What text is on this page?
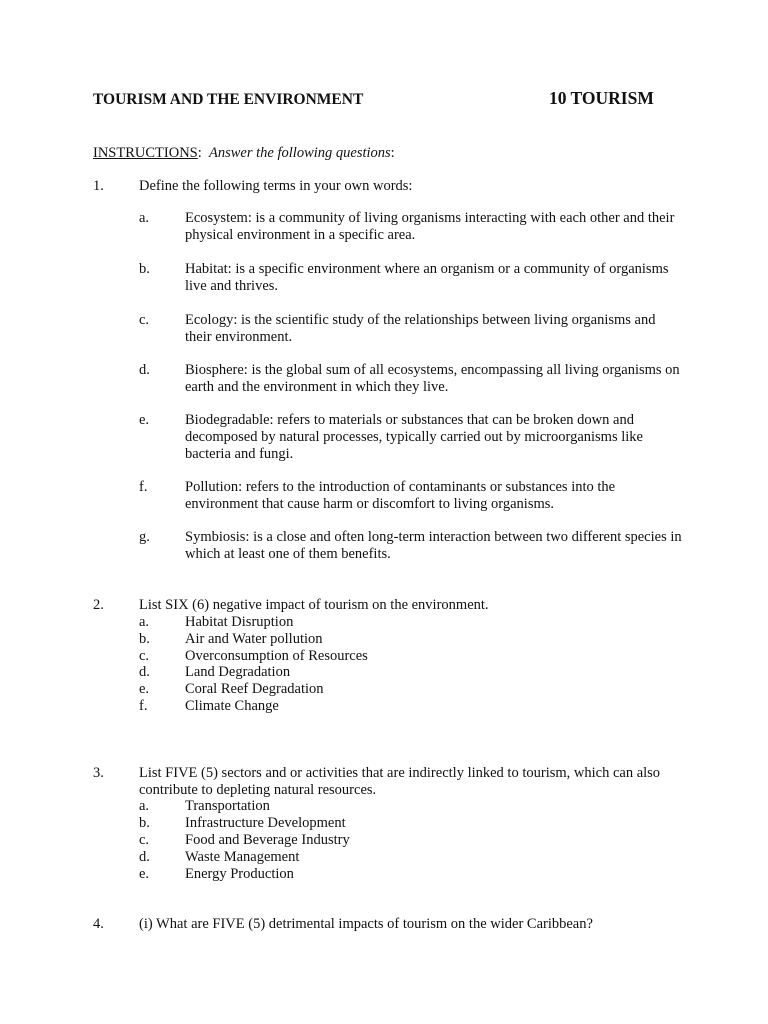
TOURISM AND THE ENVIRONMENT	10 TOURISM
INSTRUCTIONS: Answer the following questions:
1. Define the following terms in your own words:
a. Ecosystem: is a community of living organisms interacting with each other and their physical environment in a specific area.
b. Habitat: is a specific environment where an organism or a community of organisms live and thrives.
c. Ecology: is the scientific study of the relationships between living organisms and their environment.
d. Biosphere: is the global sum of all ecosystems, encompassing all living organisms on earth and the environment in which they live.
e. Biodegradable: refers to materials or substances that can be broken down and decomposed by natural processes, typically carried out by microorganisms like bacteria and fungi.
f.	Pollution: refers to the introduction of contaminants or substances into the environment that cause harm or discomfort to living organisms.
g. Symbiosis: is a close and often long-term interaction between two different species in which at least one of them benefits.
2. List SIX (6) negative impact of tourism on the environment.
a. Habitat Disruption
b. Air and Water pollution
c. Overconsumption of Resources
d. Land Degradation
e. Coral Reef Degradation
f.	Climate Change
3. List FIVE (5) sectors and or activities that are indirectly linked to tourism, which can also contribute to depleting natural resources.
a. Transportation
b. Infrastructure Development
c. Food and Beverage Industry
d. Waste Management
e. Energy Production
4. (i) What are FIVE (5) detrimental impacts of tourism on the wider Caribbean?
